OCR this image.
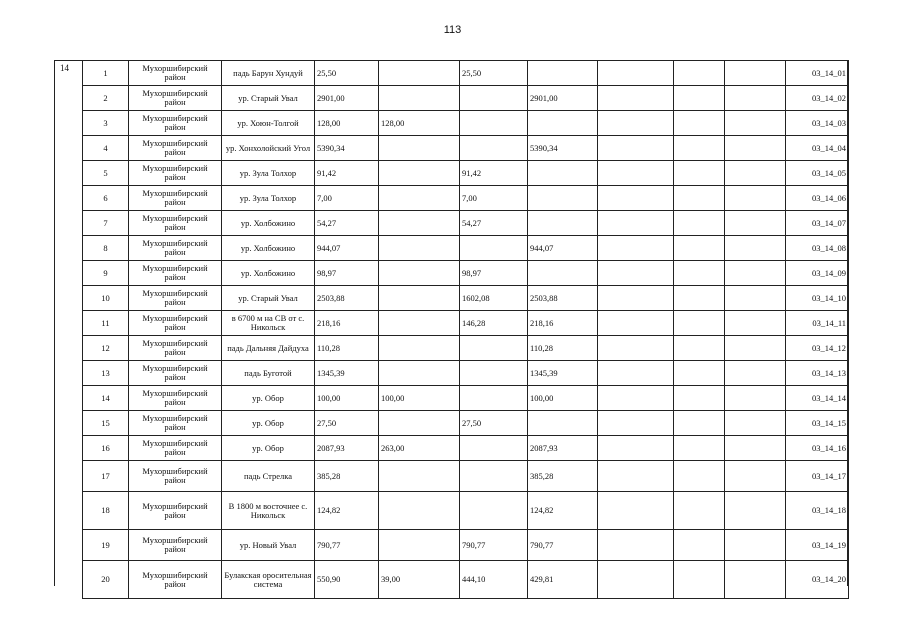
113
14	1	Мухоршибирский район	падь Барун Хундуй	25,50		25,50					03_14_01
2	Мухоршибирский район	ур. Старый Увал	2901,00			2901,00				03_14_02
3	Мухоршибирский район	ур. Хоюн-Толгой	128,00	128,00						03_14_03
4	Мухоршибирский район	ур. Хонхолойский Угол	5390,34			5390,34				03_14_04
5	Мухоршибирский район	ур. Зула Толхор	91,42		91,42					03_14_05
6	Мухоршибирский район	ур. Зула Толхор	7,00		7,00					03_14_06
7	Мухоршибирский район	ур. Холбожино	54,27		54,27					03_14_07
8	Мухоршибирский район	ур. Холбожино	944,07			944,07				03_14_08
9	Мухоршибирский район	ур. Холбожино	98,97		98,97					03_14_09
10	Мухоршибирский район	ур. Старый Увал	2503,88		1602,08	2503,88				03_14_10
11	Мухоршибирский район	в 6700 м на СВ от с. Никольск	218,16		146,28	218,16				03_14_11
12	Мухоршибирский район	падь Дальняя Дайдуха	110,28			110,28				03_14_12
13	Мухоршибирский район	падь Буготой	1345,39			1345,39				03_14_13
14	Мухоршибирский район	ур. Обор	100,00	100,00		100,00				03_14_14
15	Мухоршибирский район	ур. Обор	27,50		27,50					03_14_15
16	Мухоршибирский район	ур. Обор	2087,93	263,00		2087,93				03_14_16
17	Мухоршибирский район	падь Стрелка	385,28			385,28				03_14_17
18	Мухоршибирский район	В 1800 м восточнее с. Никольск	124,82			124,82				03_14_18
19	Мухоршибирский район	ур. Новый Увал	790,77		790,77	790,77				03_14_19
20	Мухоршибирский район	Булакская оросительная система	550,90	39,00	444,10	429,81				03_14_20
